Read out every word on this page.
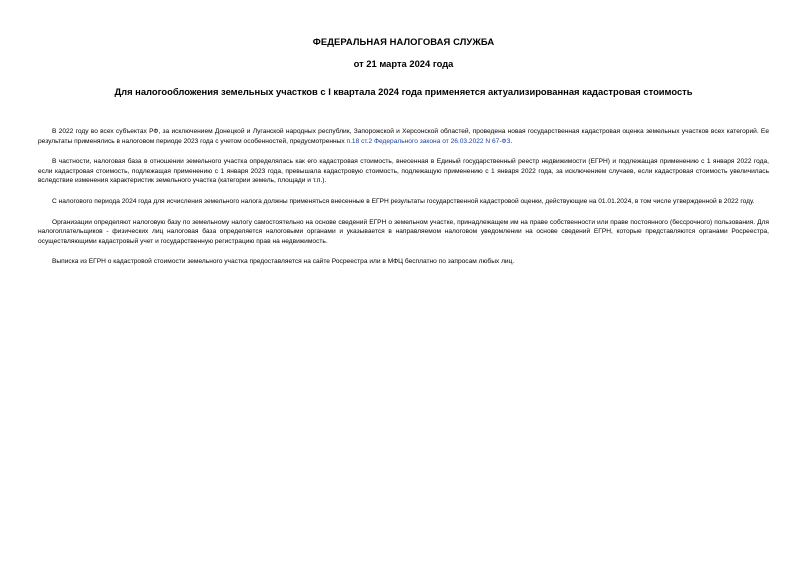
ФЕДЕРАЛЬНАЯ НАЛОГОВАЯ СЛУЖБА
от 21 марта 2024 года
Для налогообложения земельных участков с I квартала 2024 года применяется актуализированная кадастровая стоимость

В 2022 году во всех субъектах РФ, за исключением Донецкой и Луганской народных республик, Запорожской и Херсонской областей, проведена новая государственная кадастровая оценка земельных участков всех категорий. Ее результаты применялись в налоговом периоде 2023 года с учетом особенностей, предусмотренных п.18 ст.2 Федерального закона от 26.03.2022 N 67-ФЗ.

В частности, налоговая база в отношении земельного участка определялась как его кадастровая стоимость, внесенная в Единый государственный реестр недвижимости (ЕГРН) и подлежащая применению с 1 января 2022 года, если кадастровая стоимость, подлежащая применению с 1 января 2023 года, превышала кадастровую стоимость, подлежащую применению с 1 января 2022 года, за исключением случаев, если кадастровая стоимость увеличилась вследствие изменения характеристик земельного участка (категории земель, площади и т.п.).

С налогового периода 2024 года для исчисления земельного налога должны применяться внесенные в ЕГРН результаты государственной кадастровой оценки, действующие на 01.01.2024, в том числе утвержденной в 2022 году.

Организации определяют налоговую базу по земельному налогу самостоятельно на основе сведений ЕГРН о земельном участке, принадлежащем им на праве собственности или праве постоянного (бессрочного) пользования. Для налогоплательщиков - физических лиц налоговая база определяется налоговыми органами и указывается в направляемом налоговом уведомлении на основе сведений ЕГРН, которые представляются органами Росреестра, осуществляющими кадастровый учет и государственную регистрацию прав на недвижимость.

Выписка из ЕГРН о кадастровой стоимости земельного участка предоставляется на сайте Росреестра или в МФЦ бесплатно по запросам любых лиц.
